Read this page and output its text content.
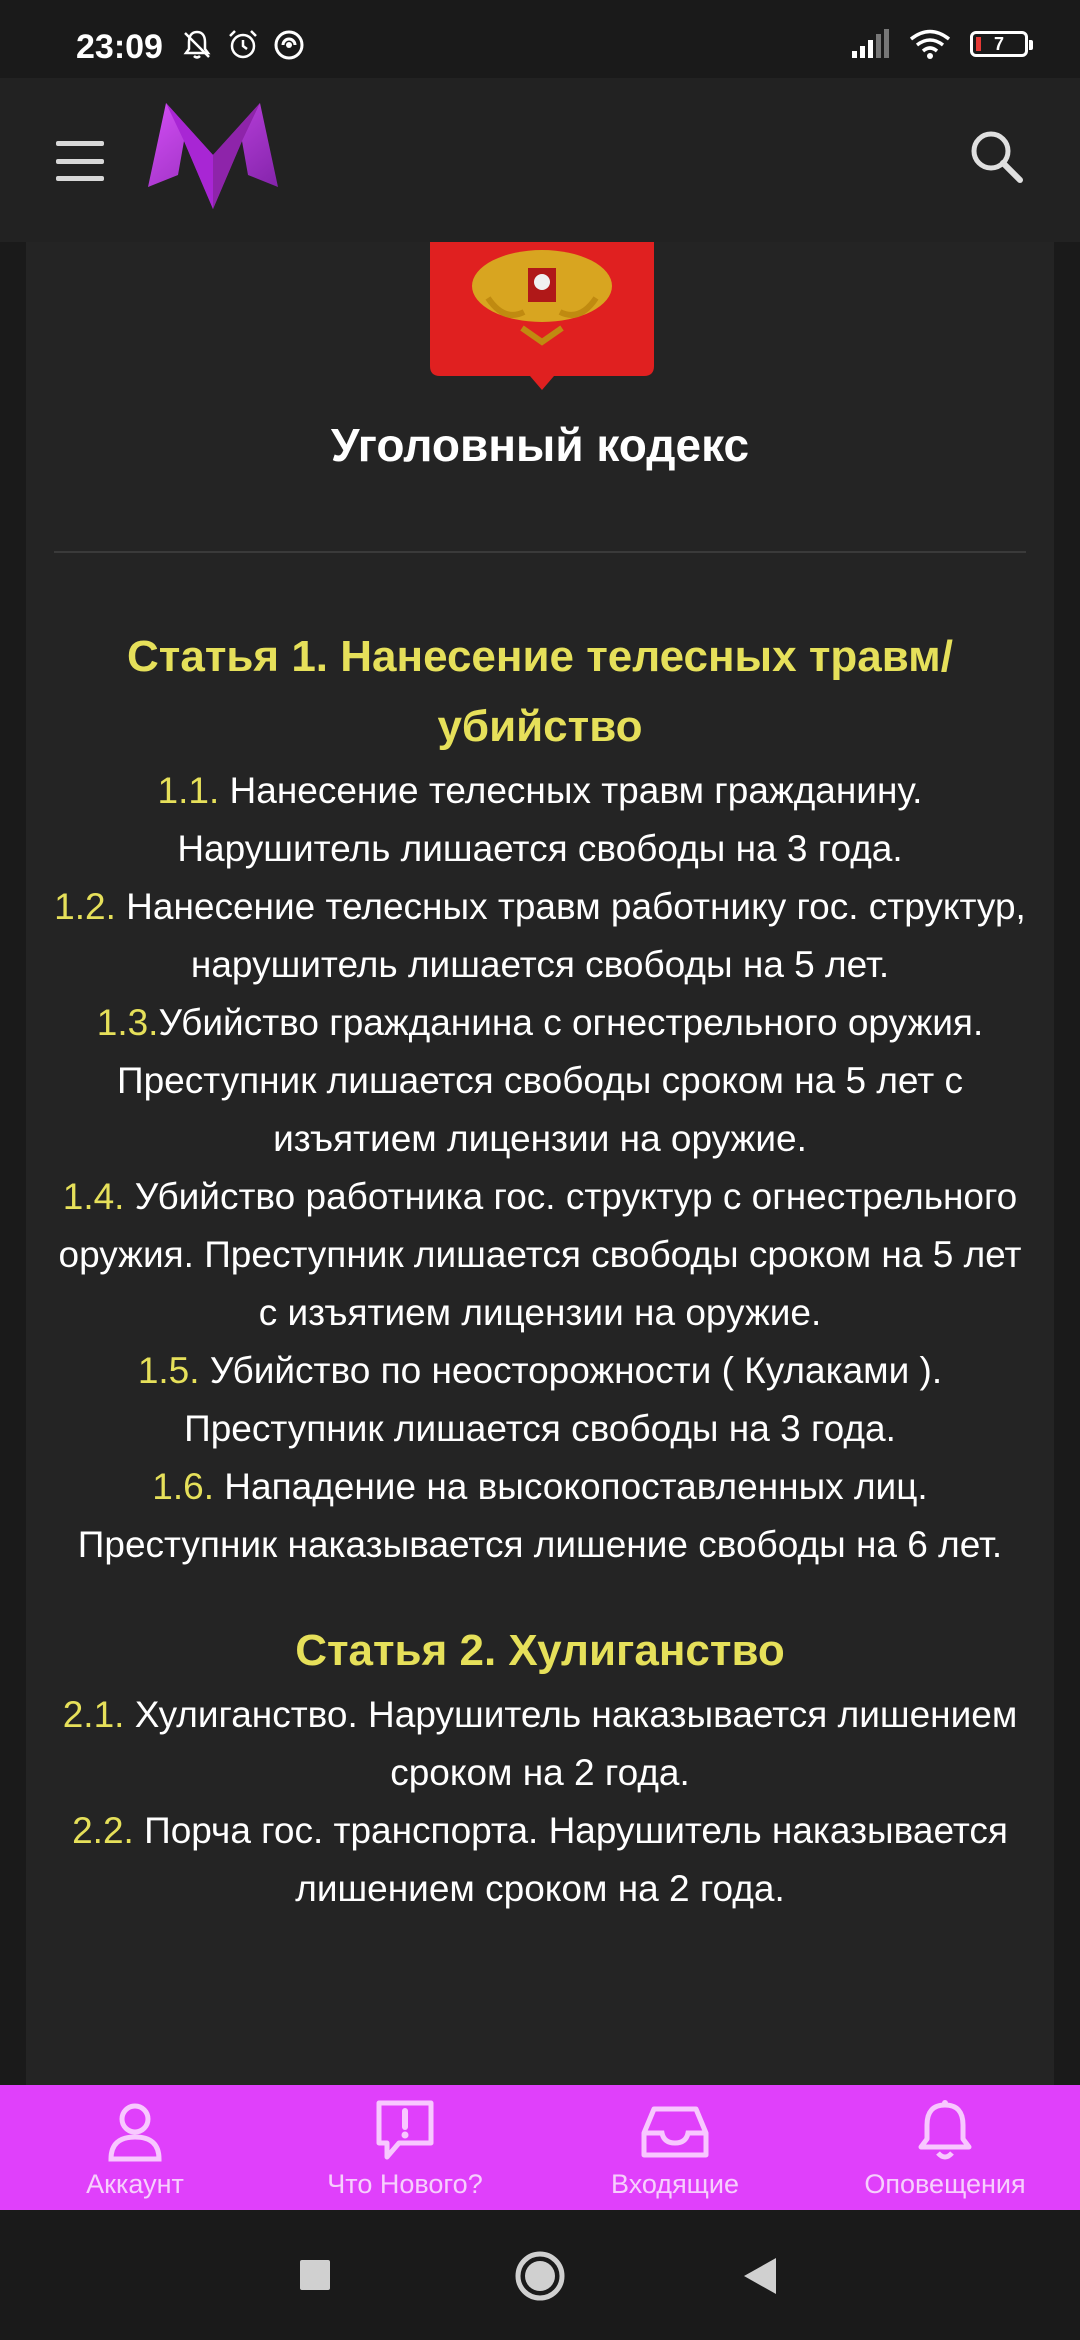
23:09	7
Уголовный кодекс
Статья 1. Нанесение телесных травм/ убийство
1.1. Нанесение телесных травм гражданину. Нарушитель лишается свободы на 3 года.
1.2. Нанесение телесных травм работнику гос. структур, нарушитель лишается свободы на 5 лет.
1.3.Убийство гражданина с огнестрельного оружия. Преступник лишается свободы сроком на 5 лет с изъятием лицензии на оружие.
1.4. Убийство работника гос. структур с огнестрельного оружия. Преступник лишается свободы сроком на 5 лет с изъятием лицензии на оружие.
1.5. Убийство по неосторожности ( Кулаками ). Преступник лишается свободы на 3 года.
1.6. Нападение на высокопоставленных лиц. Преступник наказывается лишение свободы на 6 лет.
Статья 2. Хулиганство
2.1. Хулиганство. Нарушитель наказывается лишением сроком на 2 года.
2.2. Порча гос. транспорта. Нарушитель наказывается лишением сроком на 2 года.
Аккаунт	Что Нового?	Входящие	Оповещения
